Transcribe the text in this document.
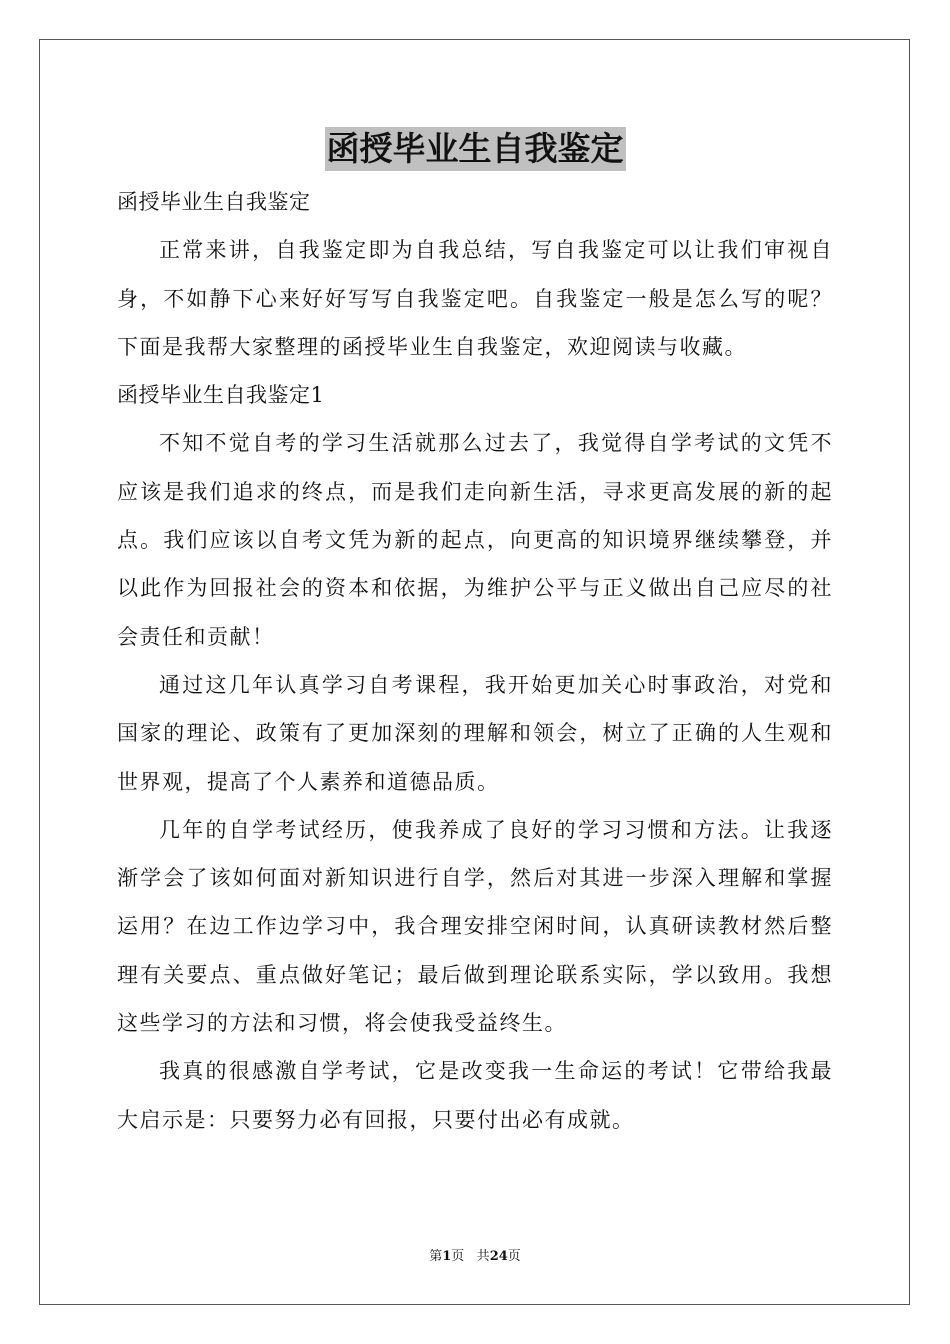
函授毕业生自我鉴定

函授毕业生自我鉴定

正常来讲，自我鉴定即为自我总结，写自我鉴定可以让我们审视自身，不如静下心来好好写写自我鉴定吧。自我鉴定一般是怎么写的呢？下面是我帮大家整理的函授毕业生自我鉴定，欢迎阅读与收藏。

函授毕业生自我鉴定1

不知不觉自考的学习生活就那么过去了，我觉得自学考试的文凭不应该是我们追求的终点，而是我们走向新生活，寻求更高发展的新的起点。我们应该以自考文凭为新的起点，向更高的知识境界继续攀登，并以此作为回报社会的资本和依据，为维护公平与正义做出自己应尽的社会责任和贡献！

通过这几年认真学习自考课程，我开始更加关心时事政治，对党和国家的理论、政策有了更加深刻的理解和领会，树立了正确的人生观和世界观，提高了个人素养和道德品质。

几年的自学考试经历，使我养成了良好的学习习惯和方法。让我逐渐学会了该如何面对新知识进行自学，然后对其进一步深入理解和掌握运用？在边工作边学习中，我合理安排空闲时间，认真研读教材然后整理有关要点、重点做好笔记；最后做到理论联系实际，学以致用。我想这些学习的方法和习惯，将会使我受益终生。

我真的很感激自学考试，它是改变我一生命运的考试！它带给我最大启示是：只要努力必有回报，只要付出必有成就。

第1页 共24页
